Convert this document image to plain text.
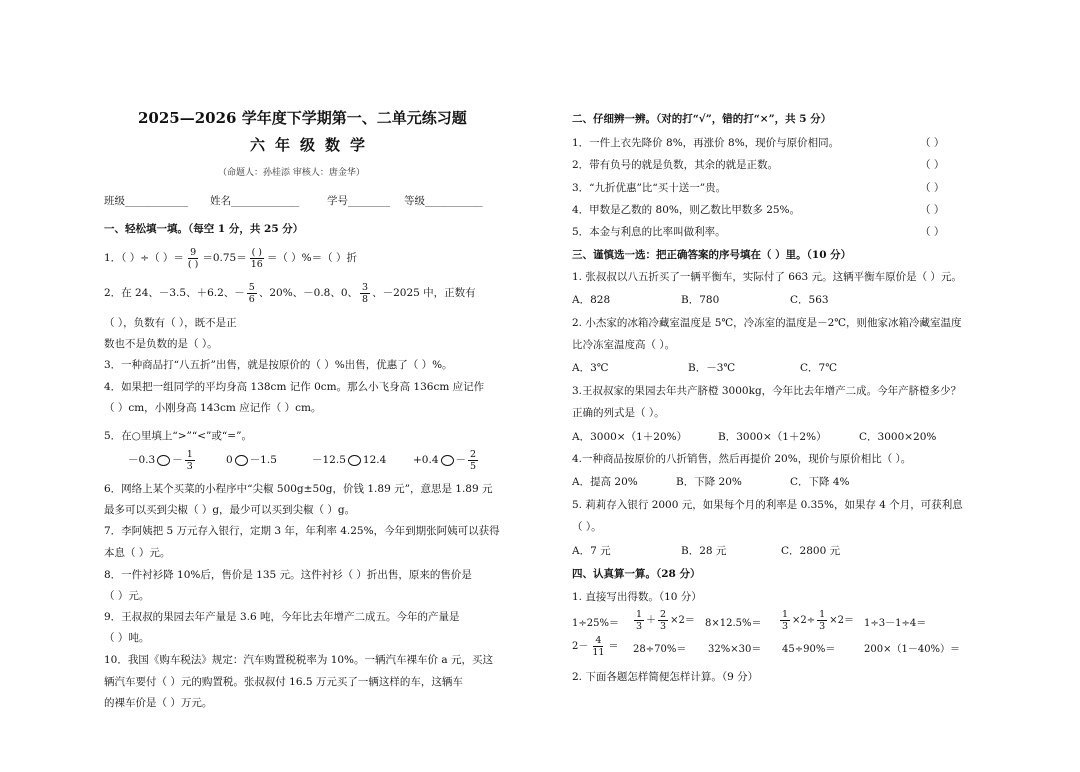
2025—2026 学年度下学期第一、二单元练习题
六年级数学
（命题人：孙桂添 审核人：唐金华）
班级____________ 姓名_____________	学号________ 等级___________
一、轻松填一填。（每空 1 分，共 25 分）
1．（ ）÷（ ）＝ $\frac{9}{( )} =0.75= \frac{( )}{16}$ ＝（ ）%＝（ ）折
2．在 24、－3.5、＋6.2、－ $\frac{5}{6}$ 、20%、－0.8、0、 $\frac{3}{8}$ 、－2025 中，正数有
（ ），负数有（ ），既不是正
数也不是负数的是（ ）。
3．一种商品打“八五折”出售，就是按原价的（ ）%出售，优惠了（ ）%。
4．如果把一组同学的平均身高 138cm 记作 0cm。那么小飞身高 136cm 应记作
（ ）cm，小刚身高 143cm 应记作（ ）cm。
5．在○里填上“>”“<”或“=”。
$-0.3 - \frac{1}{3}$	0 －1.5	－12.5 12.4	$+0.4 - \frac{2}{5}$
6．网络上某个买菜的小程序中“尖椒 500g±50g，价钱 1.89 元”，意思是 1.89 元
最多可以买到尖椒（ ）g，最少可以买到尖椒（ ）g。
7．李阿姨把 5 万元存入银行，定期 3 年，年利率 4.25%，今年到期张阿姨可以获得
本息（ ）元。
8．一件衬衫降 10%后，售价是 135 元。这件衬衫（ ）折出售，原来的售价是
（ ）元。
9．王叔叔的果园去年产量是 3.6 吨，今年比去年增产二成五。今年的产量是
（ ）吨。
10．我国《购车税法》规定：汽车购置税税率为 10%。一辆汽车裸车价 a 元，买这
辆汽车要付（ ）元的购置税。张叔叔付 16.5 万元买了一辆这样的车，这辆车
的裸车价是（ ）万元。
二、仔细辨一辨。（对的打“√”，错的打“×”，共 5 分）
1．一件上衣先降价 8%，再涨价 8%，现价与原价相同。	（ ）
2．带有负号的就是负数，其余的就是正数。	（ ）
3．“九折优惠”比“买十送一”贵。	（ ）
4．甲数是乙数的 80%，则乙数比甲数多 25%。	（ ）
5．本金与利息的比率叫做利率。	（ ）
三、谨慎选一选：把正确答案的序号填在（ ）里。（10 分）
1. 张叔叔以八五折买了一辆平衡车，实际付了 663 元。这辆平衡车原价是（ ）元。
A．828	B．780	C．563
2. 小杰家的冰箱冷藏室温度是 5℃，冷冻室的温度是－2℃，则他家冰箱冷藏室温度
比冷冻室温度高（ ）。
A．3℃	B．－3℃	C．7℃
3.王叔叔家的果园去年共产脐橙 3000kg，今年比去年增产二成。今年产脐橙多少？
正确的列式是（ ）。
A．3000×（1＋20%）	B．3000×（1＋2%）	C．3000×20%
4.一种商品按原价的八折销售，然后再提价 20%，现价与原价相比（ ）。
A．提高 20%	B．下降 20%	C．下降 4%
5. 莉莉存入银行 2000 元，如果每个月的利率是 0.35%，如果存 4 个月，可获利息
（ ）。
A．7 元	B．28 元	C．2800 元
四、认真算一算。（28 分）
1. 直接写出得数。（10 分）
$1\div 25\%= \frac{1}{3} + \frac{2}{3} \times 2= 8\times 12.5\%= \frac{1}{3} \times 2\div \frac{1}{3} \times 2= 1\div 3-1\div 4=$
$2- \frac{4}{11} = 28\div 70\%= 32\%\times 30= 45\div 90\%=$	200×（1－40%）＝
2. 下面各题怎样简便怎样计算。（9 分）
